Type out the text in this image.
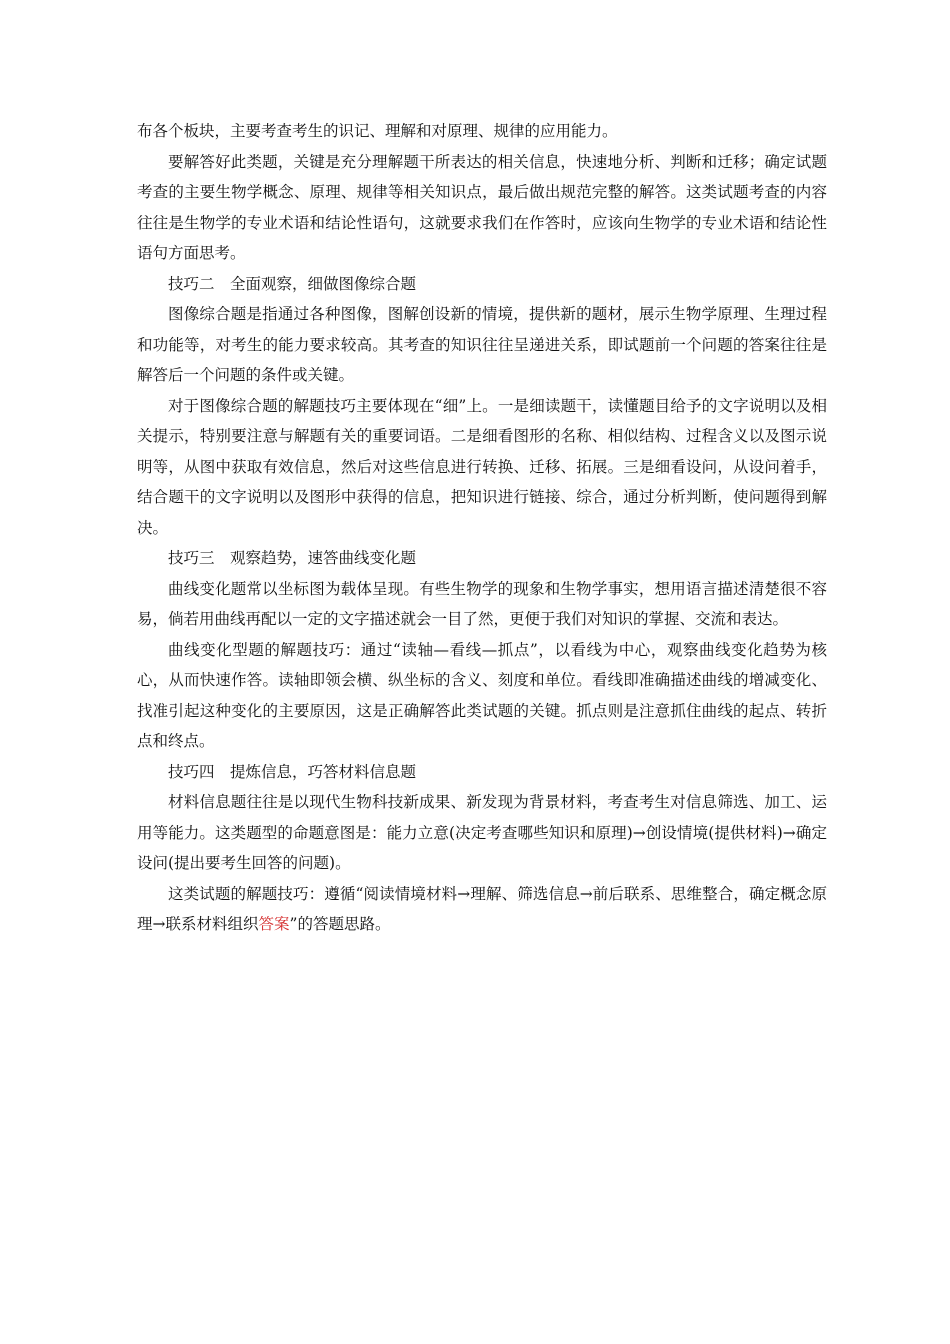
布各个板块，主要考查考生的识记、理解和对原理、规律的应用能力。

要解答好此类题，关键是充分理解题干所表达的相关信息，快速地分析、判断和迁移；确定试题考查的主要生物学概念、原理、规律等相关知识点，最后做出规范完整的解答。这类试题考查的内容往往是生物学的专业术语和结论性语句，这就要求我们在作答时，应该向生物学的专业术语和结论性语句方面思考。

技巧二　全面观察，细做图像综合题

图像综合题是指通过各种图像，图解创设新的情境，提供新的题材，展示生物学原理、生理过程和功能等，对考生的能力要求较高。其考查的知识往往呈递进关系，即试题前一个问题的答案往往是解答后一个问题的条件或关键。

对于图像综合题的解题技巧主要体现在“细”上。一是细读题干，读懂题目给予的文字说明以及相关提示，特别要注意与解题有关的重要词语。二是细看图形的名称、相似结构、过程含义以及图示说明等，从图中获取有效信息，然后对这些信息进行转换、迁移、拓展。三是细看设问，从设问着手，结合题干的文字说明以及图形中获得的信息，把知识进行链接、综合，通过分析判断，使问题得到解决。

技巧三　观察趋势，速答曲线变化题

曲线变化题常以坐标图为载体呈现。有些生物学的现象和生物学事实，想用语言描述清楚很不容易，倘若用曲线再配以一定的文字描述就会一目了然，更便于我们对知识的掌握、交流和表达。

曲线变化型题的解题技巧：通过“读轴—看线—抓点”，以看线为中心，观察曲线变化趋势为核心，从而快速作答。读轴即领会横、纵坐标的含义、刻度和单位。看线即准确描述曲线的增减变化、找准引起这种变化的主要原因，这是正确解答此类试题的关键。抓点则是注意抓住曲线的起点、转折点和终点。

技巧四　提炼信息，巧答材料信息题

材料信息题往往是以现代生物科技新成果、新发现为背景材料，考查考生对信息筛选、加工、运用等能力。这类题型的命题意图是：能力立意(决定考查哪些知识和原理)→创设情境(提供材料)→确定设问(提出要考生回答的问题)。

这类试题的解题技巧：遵循“阅读情境材料→理解、筛选信息→前后联系、思维整合，确定概念原理→联系材料组织答案”的答题思路。
